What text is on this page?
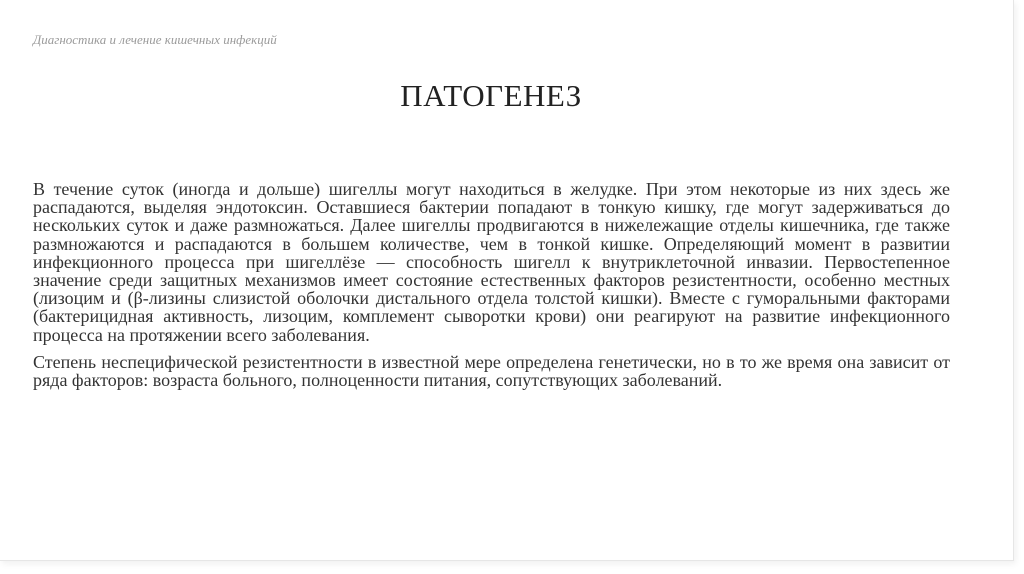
Диагностика и лечение кишечных инфекций
ПАТОГЕНЕЗ

В течение суток (иногда и дольше) шигеллы могут находиться в желудке. При этом некоторые из них здесь же распадаются, выделяя эндотоксин. Оставшиеся бактерии попадают в тонкую кишку, где могут задерживаться до нескольких суток и даже размножаться. Далее шигеллы продвигаются в нижележащие отделы кишечника, где также размножаются и распадаются в большем количестве, чем в тонкой кишке. Определяющий момент в развитии инфекционного процесса при шигеллёзе — способность шигелл к внутриклеточной инвазии. Первостепенное значение среди защитных механизмов имеет состояние естественных факторов резистентности, особенно местных (лизоцим и (β-лизины слизистой оболочки дистального отдела толстой кишки). Вместе с гуморальными факторами (бактерицидная активность, лизоцим, комплемент сыворотки крови) они реагируют на развитие инфекционного процесса на протяжении всего заболевания.

Степень неспецифической резистентности в известной мере определена генетически, но в то же время она зависит от ряда факторов: возраста больного, полноценности питания, сопутствующих заболеваний.
